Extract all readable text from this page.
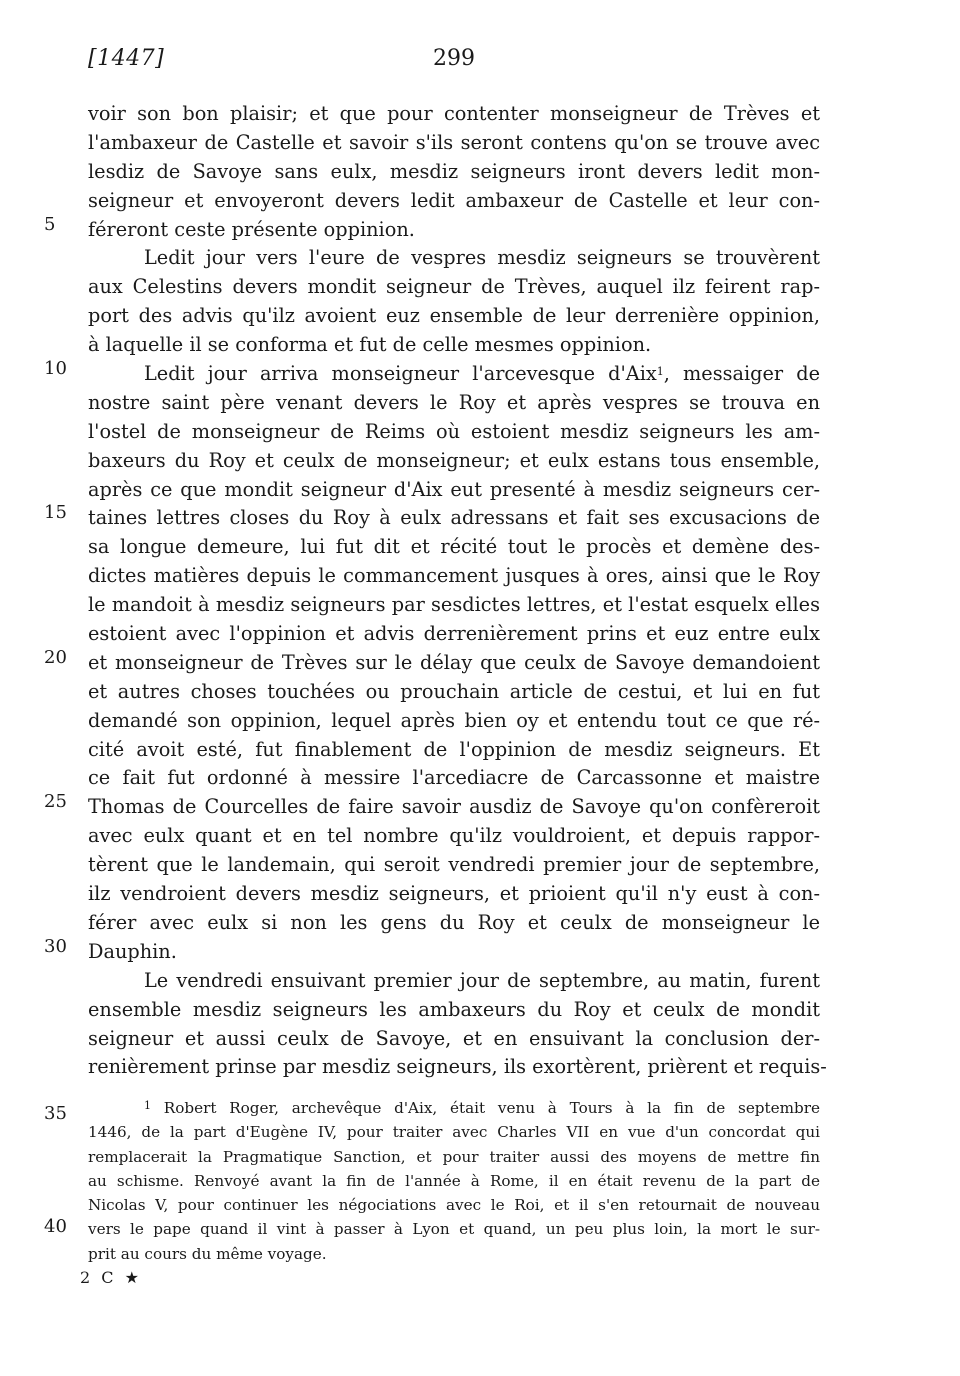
[1447]	299
5
10
15
20
25
30
35
40
voir son bon plaisir; et que pour contenter monseigneur de Trèves et
l'ambaxeur de Castelle et savoir s'ils seront contens qu'on se trouve avec
lesdiz de Savoye sans eulx, mesdiz seigneurs iront devers ledit mon-
seigneur et envoyeront devers ledit ambaxeur de Castelle et leur con-
féreront ceste présente oppinion.
Ledit jour vers l'eure de vespres mesdiz seigneurs se trouvèrent
aux Celestins devers mondit seigneur de Trèves, auquel ilz feirent rap-
port des advis qu'ilz avoient euz ensemble de leur derrenière oppinion,
à laquelle il se conforma et fut de celle mesmes oppinion.
Ledit jour arriva monseigneur l'arcevesque d'Aix$^1$, messaiger de
nostre saint père venant devers le Roy et après vespres se trouva en
l'ostel de monseigneur de Reims où estoient mesdiz seigneurs les am-
baxeurs du Roy et ceulx de monseigneur; et eulx estans tous ensemble,
après ce que mondit seigneur d'Aix eut presenté à mesdiz seigneurs cer-
taines lettres closes du Roy à eulx adressans et fait ses excusacions de
sa longue demeure, lui fut dit et récité tout le procès et demène des-
dictes matières depuis le commancement jusques à ores, ainsi que le Roy
le mandoit à mesdiz seigneurs par sesdictes lettres, et l'estat esquelx elles
estoient avec l'oppinion et advis derrenièrement prins et euz entre eulx
et monseigneur de Trèves sur le délay que ceulx de Savoye demandoient
et autres choses touchées ou prouchain article de cestui, et lui en fut
demandé son oppinion, lequel après bien oy et entendu tout ce que ré-
cité avoit esté, fut finablement de l'oppinion de mesdiz seigneurs. Et
ce fait fut ordonné à messire l'arcediacre de Carcassonne et maistre
Thomas de Courcelles de faire savoir ausdiz de Savoye qu'on confèreroit
avec eulx quant et en tel nombre qu'ilz vouldroient, et depuis rappor-
tèrent que le landemain, qui seroit vendredi premier jour de septembre,
ilz vendroient devers mesdiz seigneurs, et prioient qu'il n'y eust à con-
férer avec eulx si non les gens du Roy et ceulx de monseigneur le
Dauphin.
Le vendredi ensuivant premier jour de septembre, au matin, furent
ensemble mesdiz seigneurs les ambaxeurs du Roy et ceulx de mondit
seigneur et aussi ceulx de Savoye, et en ensuivant la conclusion der-
renièrement prinse par mesdiz seigneurs, ils exortèrent, prièrent et requis-
$^1$ Robert Roger, archevêque d'Aix, était venu à Tours à la fin de septembre
1446, de la part d'Eugène IV, pour traiter avec Charles VII en vue d'un concordat qui
remplacerait la Pragmatique Sanction, et pour traiter aussi des moyens de mettre fin
au schisme. Renvoyé avant la fin de l'année à Rome, il en était revenu de la part de
Nicolas V, pour continuer les négociations avec le Roi, et il s'en retournait de nouveau
vers le pape quand il vint à passer à Lyon et quand, un peu plus loin, la mort le sur-
prit au cours du même voyage.
2 C ★
